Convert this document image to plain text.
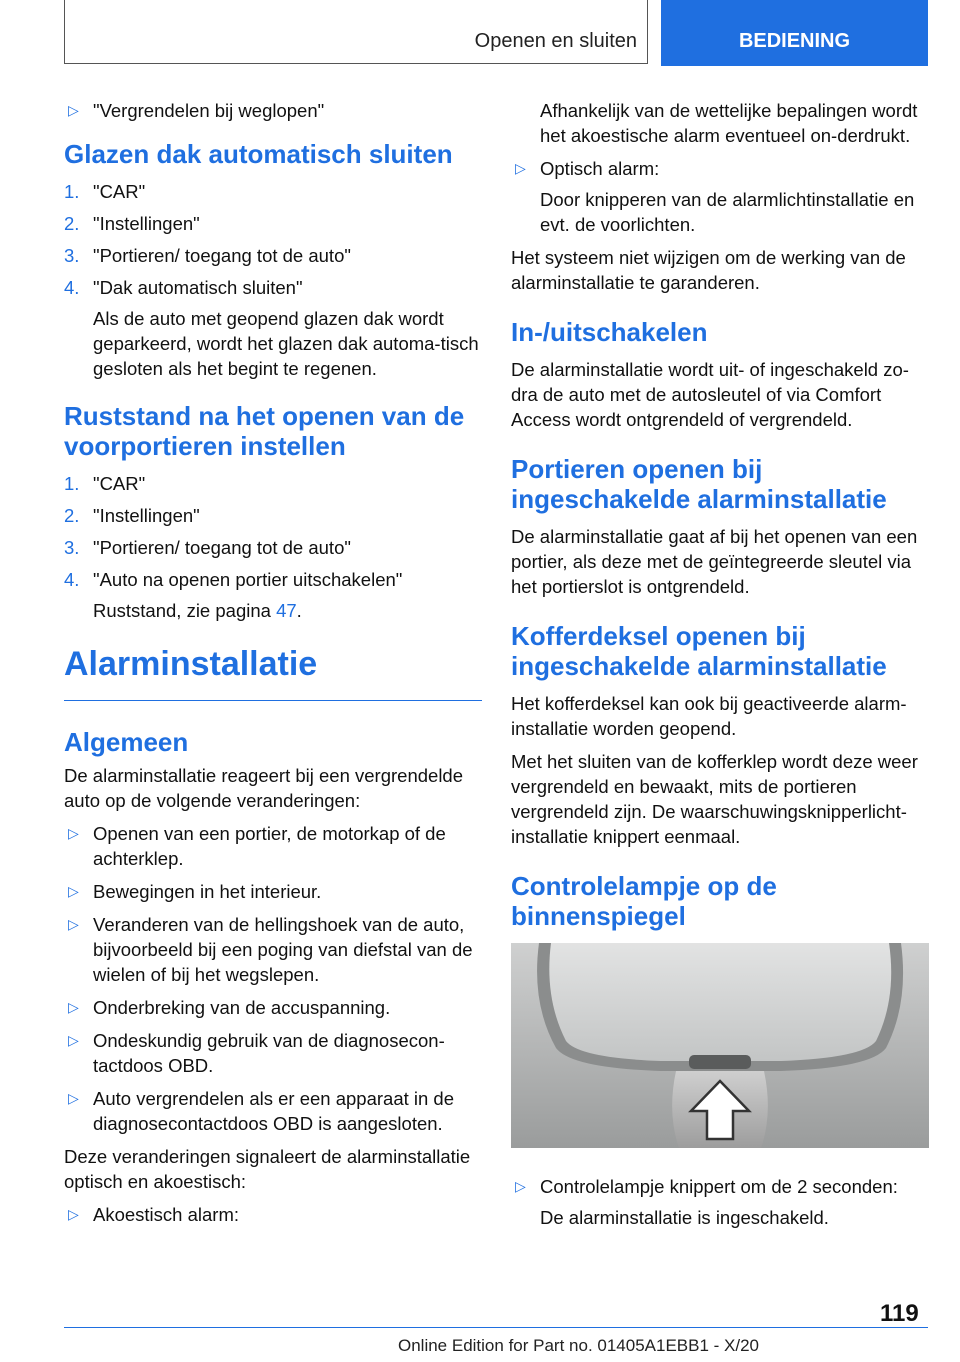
Openen en sluiten	BEDIENING
▷ "Vergrendelen bij weglopen"
Glazen dak automatisch sluiten
1. "CAR"
2. "Instellingen"
3. "Portieren/ toegang tot de auto"
4. "Dak automatisch sluiten"
Als de auto met geopend glazen dak wordt geparkeerd, wordt het glazen dak automa-tisch gesloten als het begint te regenen.
Ruststand na het openen van de voorportieren instellen
1. "CAR"
2. "Instellingen"
3. "Portieren/ toegang tot de auto"
4. "Auto na openen portier uitschakelen"
Ruststand, zie pagina 47.
Alarminstallatie
Algemeen

De alarminstallatie reageert bij een vergrendelde auto op de volgende veranderingen:

▷ Openen van een portier, de motorkap of de achterklep.
▷ Bewegingen in het interieur.
▷ Veranderen van de hellingshoek van de auto, bijvoorbeeld bij een poging van diefstal van de wielen of bij het wegslepen.
▷ Onderbreking van de accuspanning.
▷ Ondeskundig gebruik van de diagnosecon-tactdoos OBD.
▷ Auto vergrendelen als er een apparaat in de diagnosecontactdoos OBD is aangesloten.

Deze veranderingen signaleert de alarminstallatie optisch en akoestisch:

▷ Akoestisch alarm:

Afhankelijk van de wettelijke bepalingen wordt het akoestische alarm eventueel on-derdrukt.

▷ Optisch alarm:
Door knipperen van de alarmlichtinstallatie en evt. de voorlichten.

Het systeem niet wijzigen om de werking van de alarminstallatie te garanderen.

In-/uitschakelen

De alarminstallatie wordt uit- of ingeschakeld zo-dra de auto met de autosleutel of via Comfort Access wordt ontgrendeld of vergrendeld.

Portieren openen bij ingeschakelde alarminstallatie

De alarminstallatie gaat af bij het openen van een portier, als deze met de geïntegreerde sleutel via het portierslot is ontgrendeld.

Kofferdeksel openen bij ingeschakelde alarminstallatie

Het kofferdeksel kan ook bij geactiveerde alarm-installatie worden geopend.

Met het sluiten van de kofferklep wordt deze weer vergrendeld en bewaakt, mits de portieren vergrendeld zijn. De waarschuwingsknipperlicht-installatie knippert eenmaal.

Controlelampje op de binnenspiegel
▷ Controlelampje knippert om de 2 seconden:
De alarminstallatie is ingeschakeld.
119
Online Edition for Part no. 01405A1EBB1 - X/20
